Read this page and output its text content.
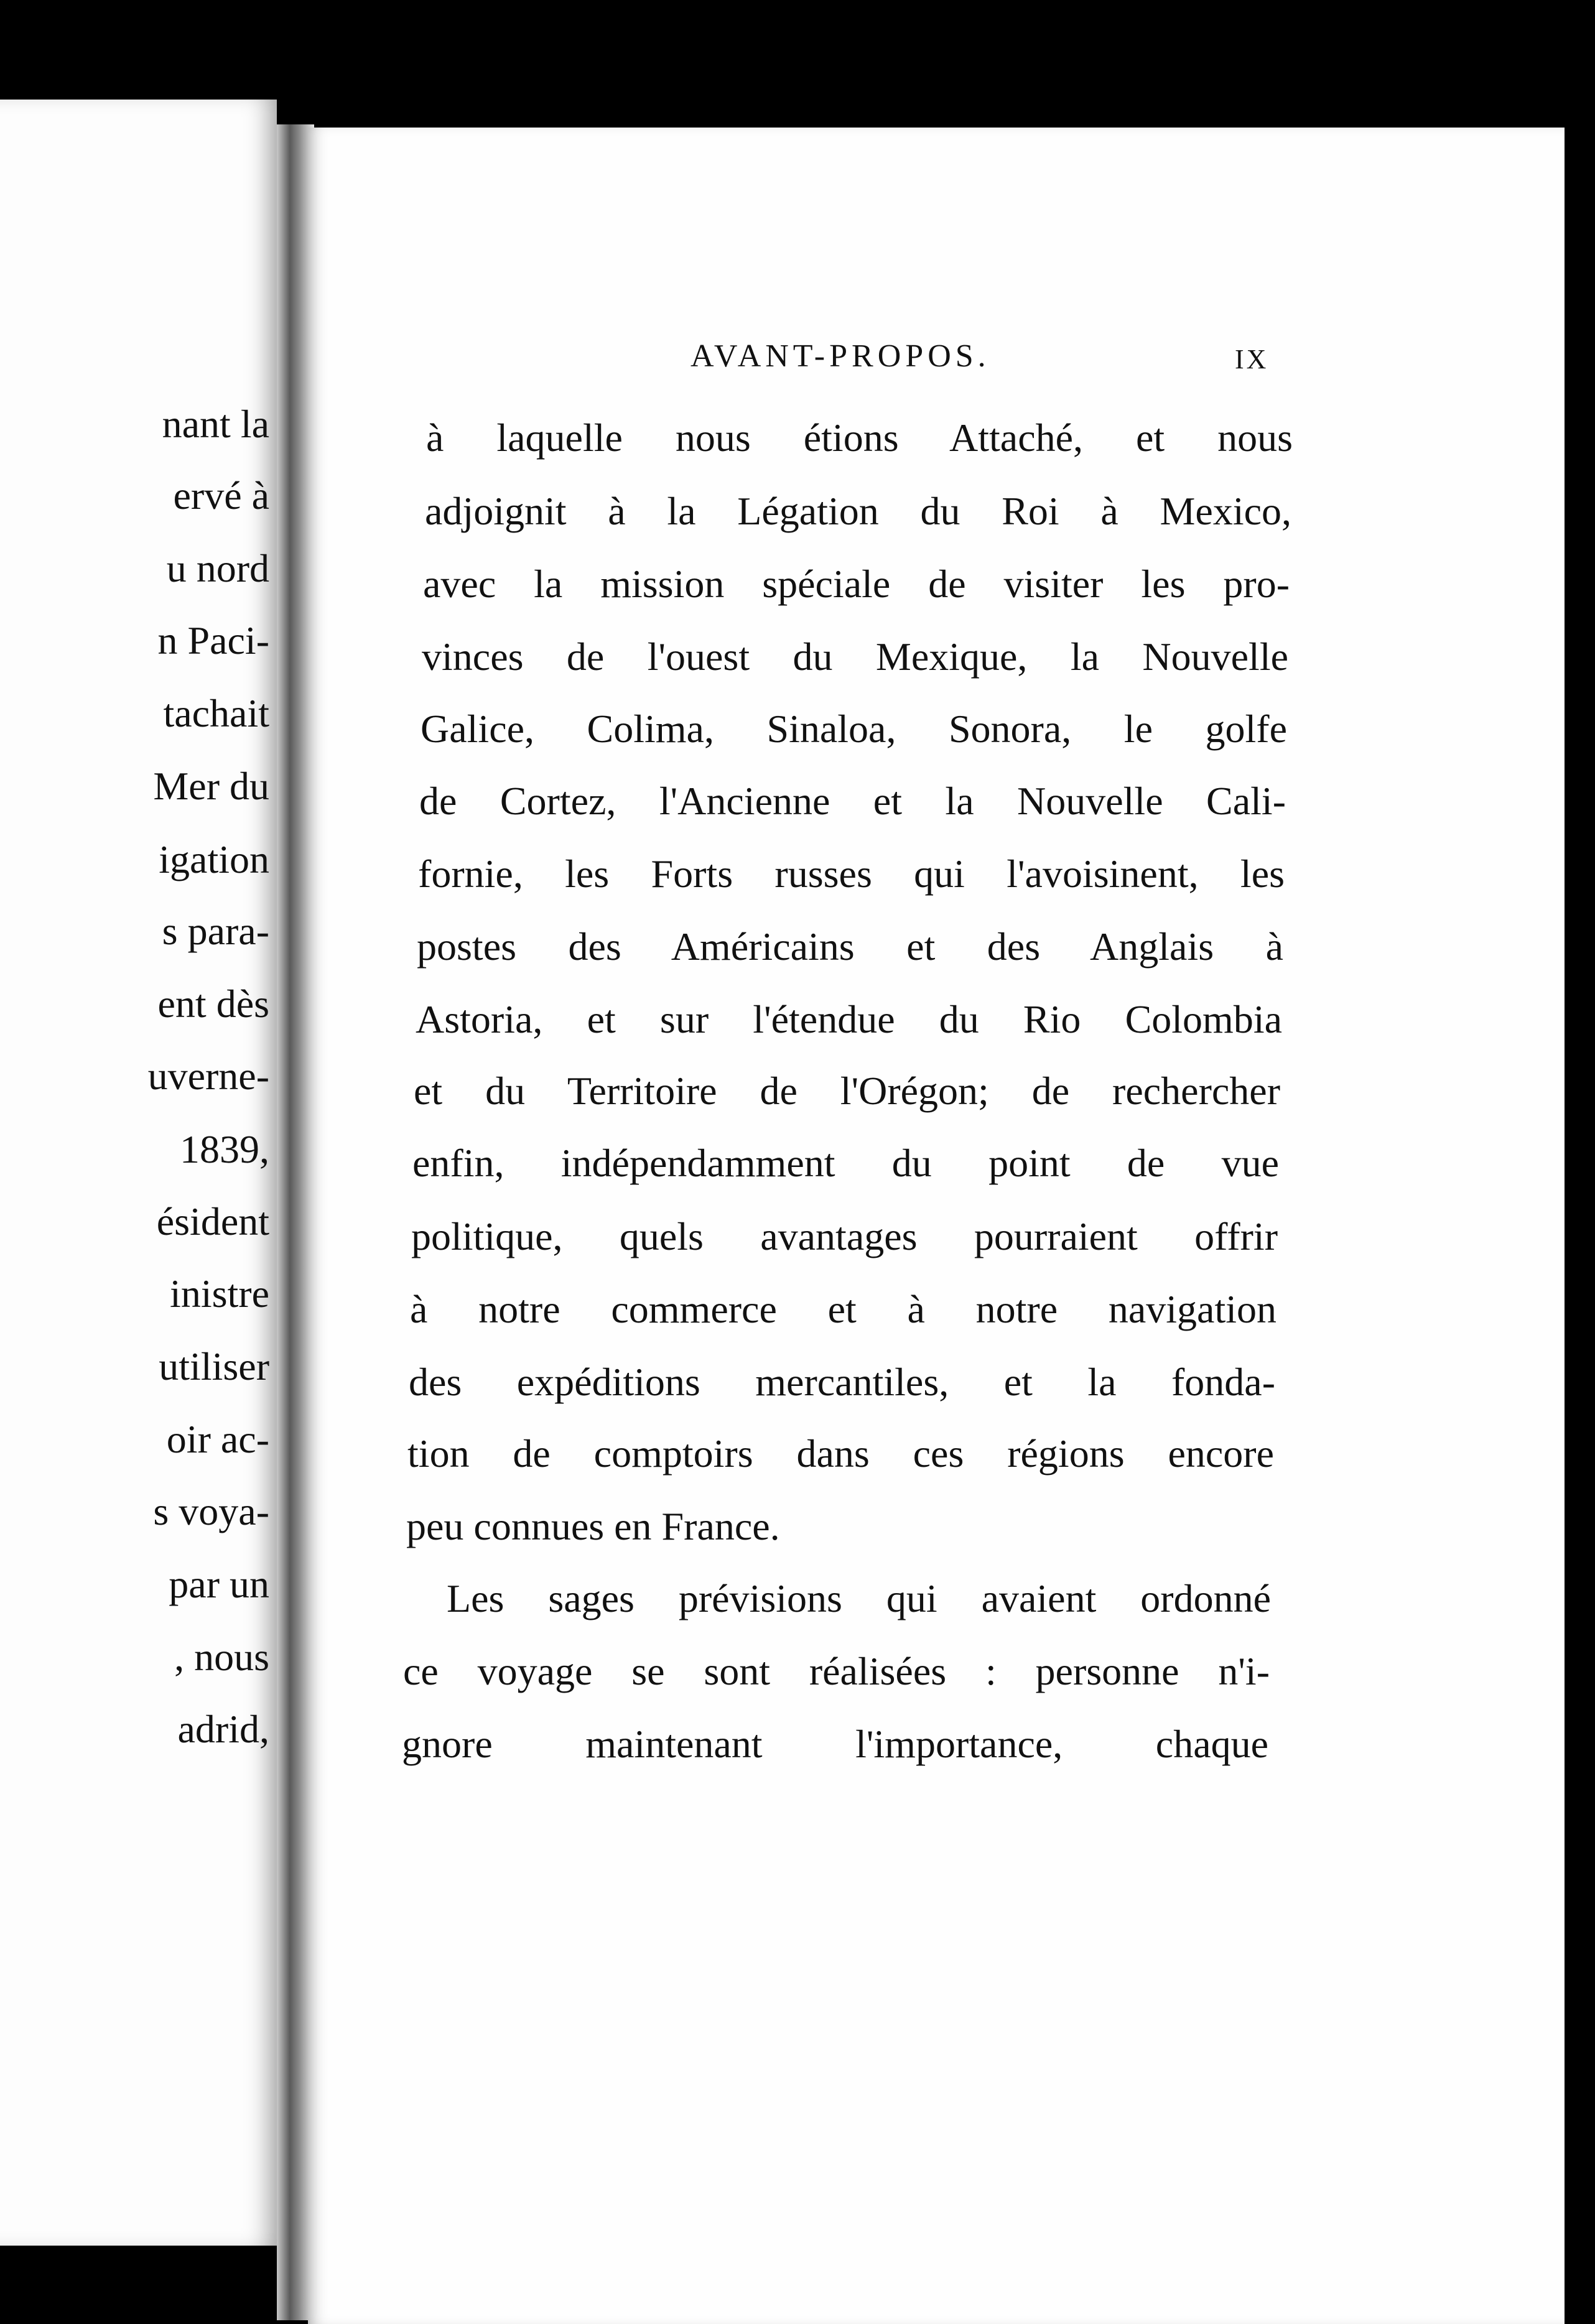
nant la
ervé à
u nord
n Paci-
tachait
Mer du
igation
s para-
ent dès
uverne-
1839,
ésident
inistre
utiliser
oir ac-
s voya-
par un
, nous
adrid,
AVANT-PROPOS.	IX
à laquelle nous étions Attaché, et nous
adjoignit à la Légation du Roi à Mexico,
avec la mission spéciale de visiter les pro-
vinces de l'ouest du Mexique, la Nouvelle
Galice, Colima, Sinaloa, Sonora, le golfe
de Cortez, l'Ancienne et la Nouvelle Cali-
fornie, les Forts russes qui l'avoisinent, les
postes des Américains et des Anglais à
Astoria, et sur l'étendue du Rio Colombia
et du Territoire de l'Orégon; de rechercher
enfin, indépendamment du point de vue
politique, quels avantages pourraient offrir
à notre commerce et à notre navigation
des expéditions mercantiles, et la fonda-
tion de comptoirs dans ces régions encore
peu connues en France.
Les sages prévisions qui avaient ordonné
ce voyage se sont réalisées : personne n'i-
gnore maintenant l'importance, chaque
